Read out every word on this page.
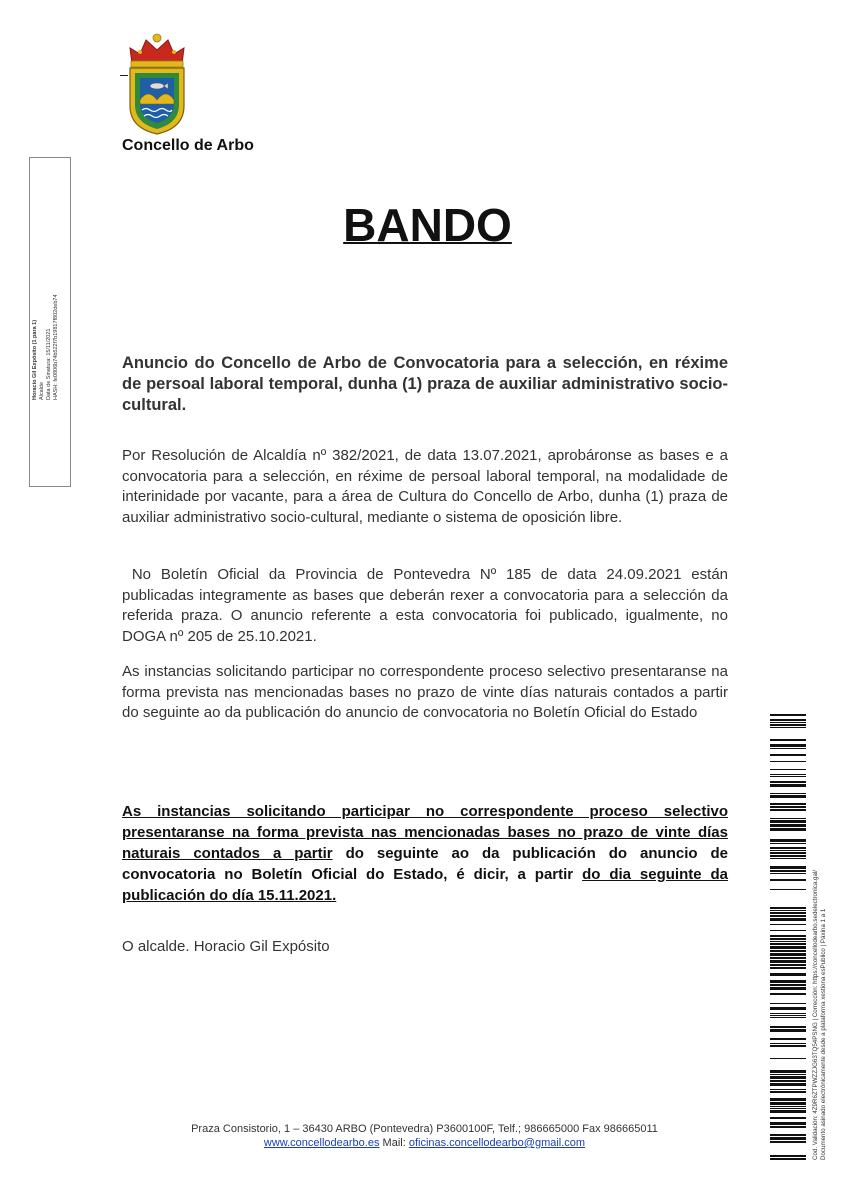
Concello de Arbo
Horacio Gil Expósito (1 para 1) Alcalde Data de Sinatura: 15/11/2021 HASH: fe0806b74b522f7b19817f802deb74
BANDO
Anuncio do Concello de Arbo de Convocatoria para a selección, en réxime de persoal laboral temporal, dunha (1) praza de auxiliar administrativo socio-cultural.
Por Resolución de Alcaldía nº 382/2021, de data 13.07.2021, aprobáronse as bases e a convocatoria para a selección, en réxime de persoal laboral temporal, na modalidade de interinidade por vacante, para a área de Cultura do Concello de Arbo, dunha (1) praza de auxiliar administrativo socio-cultural, mediante o sistema de oposición libre.
No Boletín Oficial da Provincia de Pontevedra Nº 185 de data 24.09.2021 están publicadas integramente as bases que deberán rexer a convocatoria para a selección da referida praza. O anuncio referente a esta convocatoria foi publicado, igualmente, no DOGA nº 205 de 25.10.2021.
As instancias solicitando participar no correspondente proceso selectivo presentaranse na forma prevista nas mencionadas bases no prazo de vinte días naturais contados a partir do seguinte ao da publicación do anuncio de convocatoria no Boletín Oficial do Estado
As instancias solicitando participar no correspondente proceso selectivo presentaranse na forma prevista nas mencionadas bases no prazo de vinte días naturais contados a partir do seguinte ao da publicación do anuncio de convocatoria no Boletín Oficial do Estado, é dicir, a partir do dia seguinte da publicación do día 15.11.2021.
O alcalde. Horacio Gil Expósito
Praza Consistorio, 1 – 36430 ARBO (Pontevedra) P3600100F, Telf.; 986665000 Fax 986665011
www.concellodearbo.es Mail: oficinas.concellodearbo@gmail.com	Cod. Validación: 4Z9R6ZTPWZZJG63TQ54PSNG | Corrección: https://concellodearbo.sedelectronica.gal/ Documento asinado electrónicamente desde a plataforma xestiona esPublico | Páxina 1 a 1
